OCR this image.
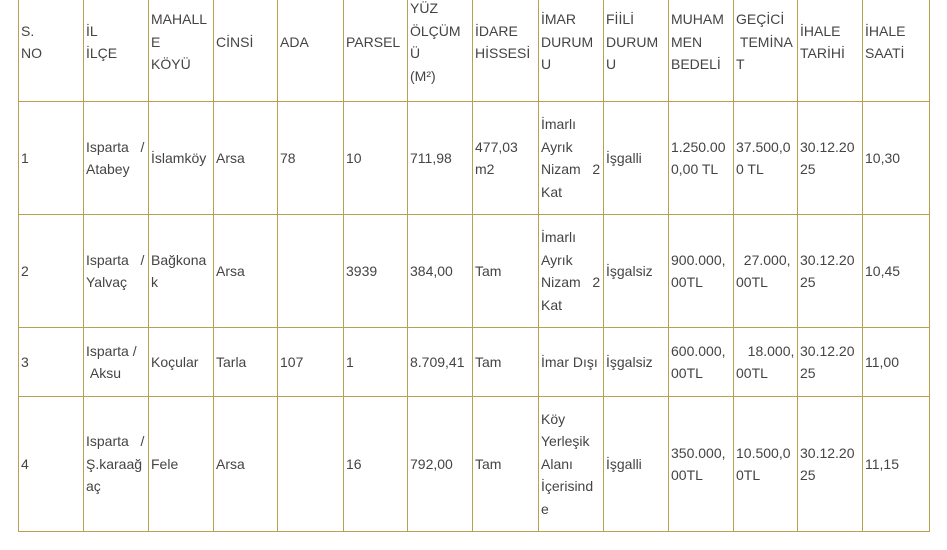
S.
NO	İL
İLÇE	MAHALL
E
KÖYÜ	CİNSİ	ADA	PARSEL	YÜZ
ÖLÇÜM
Ü
(M²)	İDARE
HİSSESİ	İMAR
DURUM
U	FİİLİ
DURUM
U	MUHAM
MEN
BEDELİ	GEÇİCİ
TEMİNA
T	İHALE
TARİHİ	İHALE
SAATİ
1	Isparta   /
Atabey	İslamköy	Arsa	78	10	711,98	477,03
m2	İmarlı
Ayrık
Nizam   2
Kat	İşgalli	1.250.00
0,00 TL	37.500,0
0 TL	30.12.20
25	10,30
2	Isparta   /
Yalvaç	Bağkona
k	Arsa		3939	384,00	Tam	İmarlı
Ayrık
Nizam   2
Kat	İşgalsiz	900.000,
00TL	27.000,
00TL	30.12.20
25	10,45
3	Isparta /
Aksu	Koçular	Tarla	107	1	8.709,41	Tam	İmar Dışı	İşgalsiz	600.000,
00TL	18.000,
00TL	30.12.20
25	11,00
4	Isparta   /
Ş.karaağ
aç	Fele	Arsa		16	792,00	Tam	Köy
Yerleşik
Alanı
İçerisind
e	İşgalli	350.000,
00TL	10.500,0
0TL	30.12.20
25	11,15
